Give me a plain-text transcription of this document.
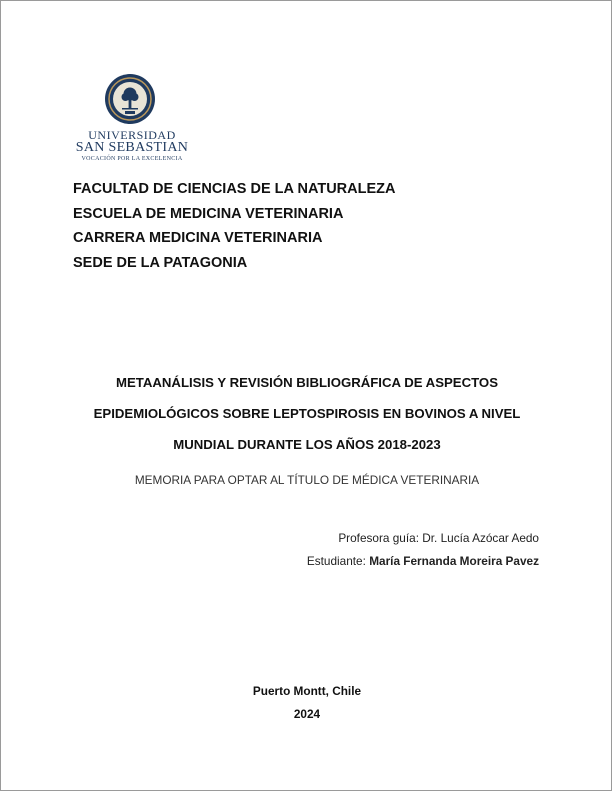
UNIVERSIDAD
SAN SEBASTIAN
VOCACIÓN POR LA EXCELENCIA
FACULTAD DE CIENCIAS DE LA NATURALEZA
ESCUELA DE MEDICINA VETERINARIA
CARRERA MEDICINA VETERINARIA
SEDE DE LA PATAGONIA
METAANÁLISIS Y REVISIÓN BIBLIOGRÁFICA DE ASPECTOS
EPIDEMIOLÓGICOS SOBRE LEPTOSPIROSIS EN BOVINOS A NIVEL
MUNDIAL DURANTE LOS AÑOS 2018-2023
MEMORIA PARA OPTAR AL TÍTULO DE MÉDICA VETERINARIA
Profesora guía: Dr. Lucía Azócar Aedo
Estudiante: María Fernanda Moreira Pavez
Puerto Montt, Chile
2024
